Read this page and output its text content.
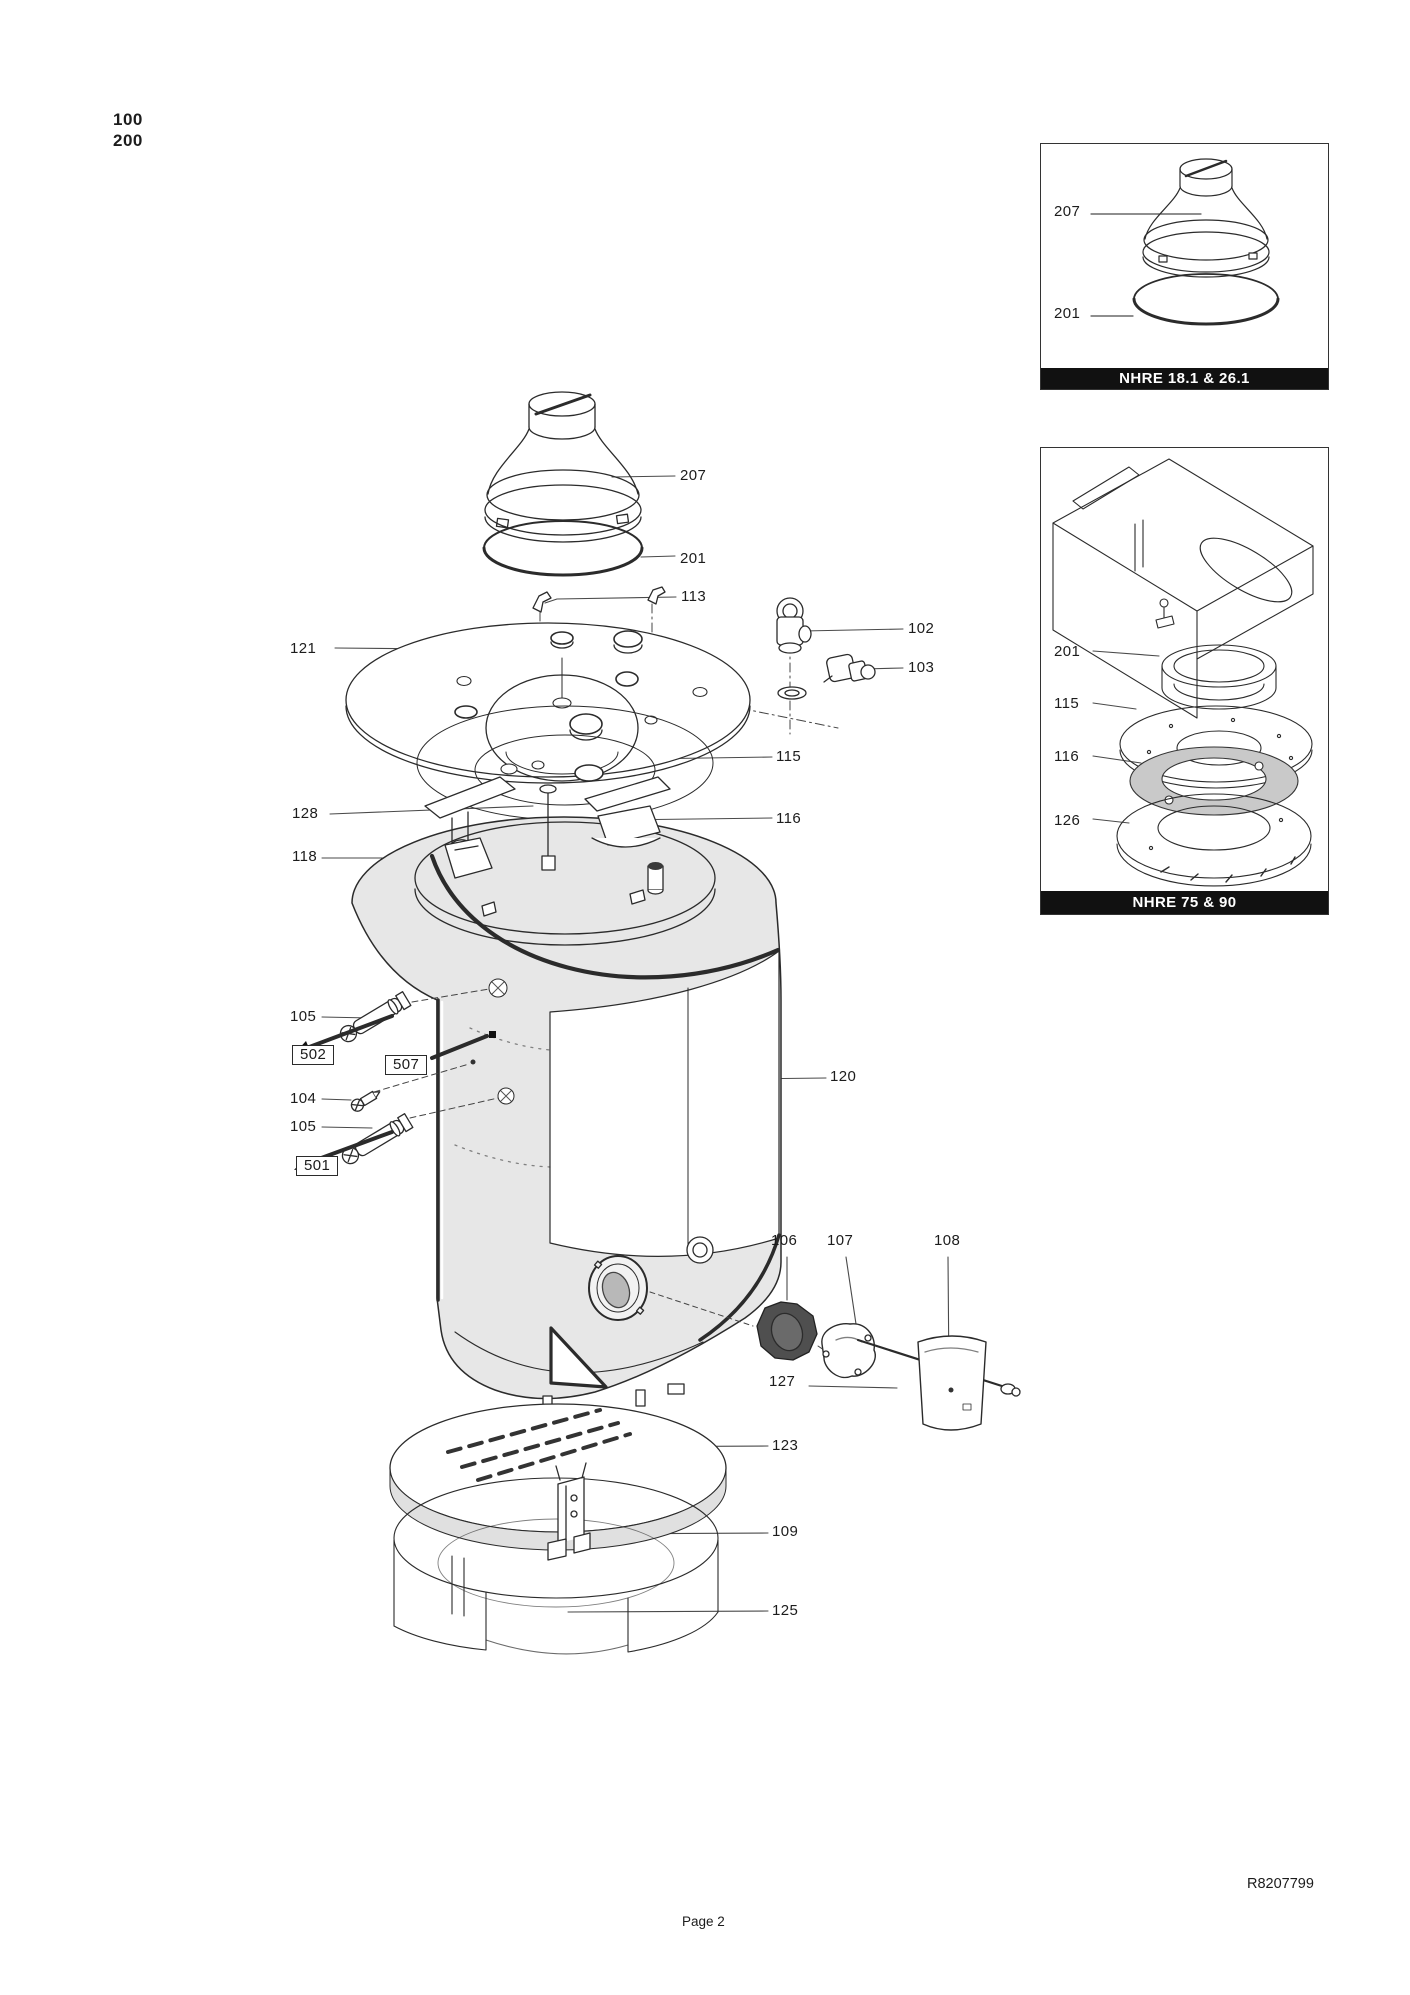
100
200
207
201
113
102
103
121
115
128	116
118
105
502
507
104
105
501
120
106 107	108
127
123
109
125
207
201
NHRE 18.1 & 26.1
201
115
116
126
NHRE 75 & 90
R8207799
Page 2
